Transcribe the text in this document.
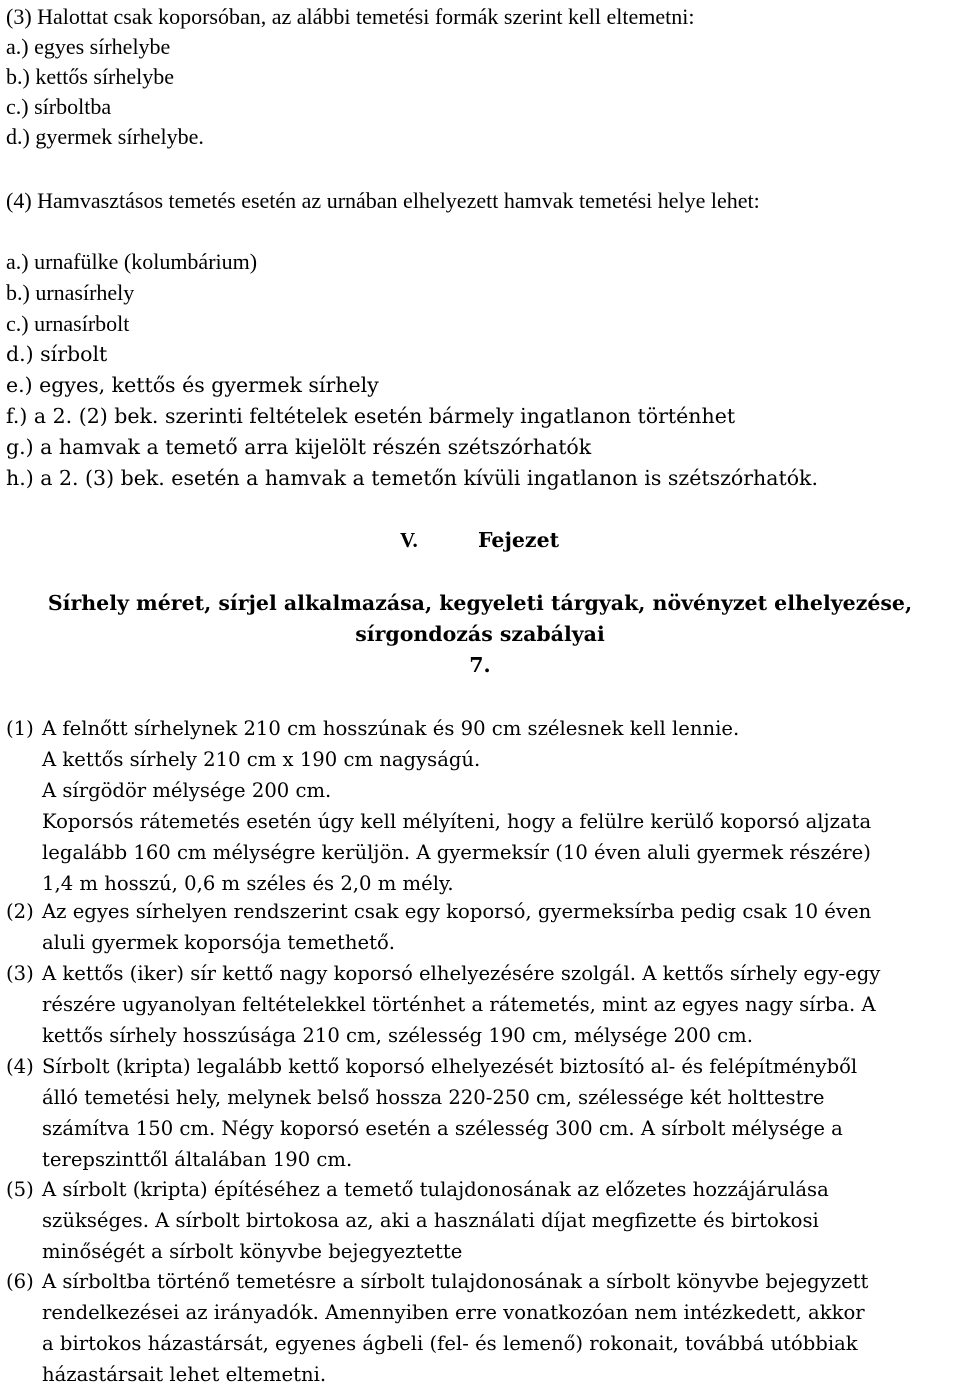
(3) Halottat csak koporsóban, az alábbi temetési formák szerint kell eltemetni:
a.) egyes sírhelybe
b.) kettős sírhelybe
c.) sírboltba
d.) gyermek sírhelybe.
(4) Hamvasztásos temetés esetén az urnában elhelyezett hamvak temetési helye lehet:
a.) urnafülke (kolumbárium)
b.) urnasírhely
c.) urnasírbolt
d.) sírbolt
e.) egyes, kettős és gyermek sírhely
f.) a 2. (2) bek. szerinti feltételek esetén bármely ingatlanon történhet
g.) a hamvak a temető arra kijelölt részén szétszórhatók
h.) a 2. (3) bek. esetén a hamvak a temetőn kívüli ingatlanon is szétszórhatók.
V.	Fejezet
Sírhely méret, sírjel alkalmazása, kegyeleti tárgyak, növényzet elhelyezése,
sírgondozás szabályai
7.
(1) A felnőtt sírhelynek 210 cm hosszúnak és 90 cm szélesnek kell lennie.
A kettős sírhely 210 cm x 190 cm nagyságú.
A sírgödör mélysége 200 cm.
Koporsós rátemetés esetén úgy kell mélyíteni, hogy a felülre kerülő koporsó aljzata
legalább 160 cm mélységre kerüljön. A gyermeksír (10 éven aluli gyermek részére)
1,4 m hosszú, 0,6 m széles és 2,0 m mély.
(2) Az egyes sírhelyen rendszerint csak egy koporsó, gyermeksírba pedig csak 10 éven
aluli gyermek koporsója temethető.
(3) A kettős (iker) sír kettő nagy koporsó elhelyezésére szolgál. A kettős sírhely egy-egy
részére ugyanolyan feltételekkel történhet a rátemetés, mint az egyes nagy sírba. A
kettős sírhely hosszúsága 210 cm, szélesség 190 cm, mélysége 200 cm.
(4) Sírbolt (kripta) legalább kettő koporsó elhelyezését biztosító al- és felépítményből
álló temetési hely, melynek belső hossza 220-250 cm, szélessége két holttestre
számítva 150 cm. Négy koporsó esetén a szélesség 300 cm. A sírbolt mélysége a
terepszinttől általában 190 cm.
(5) A sírbolt (kripta) építéséhez a temető tulajdonosának az előzetes hozzájárulása
szükséges. A sírbolt birtokosa az, aki a használati díjat megfizette és birtokosi
minőségét a sírbolt könyvbe bejegyeztette
(6) A sírboltba történő temetésre a sírbolt tulajdonosának a sírbolt könyvbe bejegyzett
rendelkezései az irányadók. Amennyiben erre vonatkozóan nem intézkedett, akkor
a birtokos házastársát, egyenes ágbeli (fel- és lemenő) rokonait, továbbá utóbbiak
házastársait lehet eltemetni.
